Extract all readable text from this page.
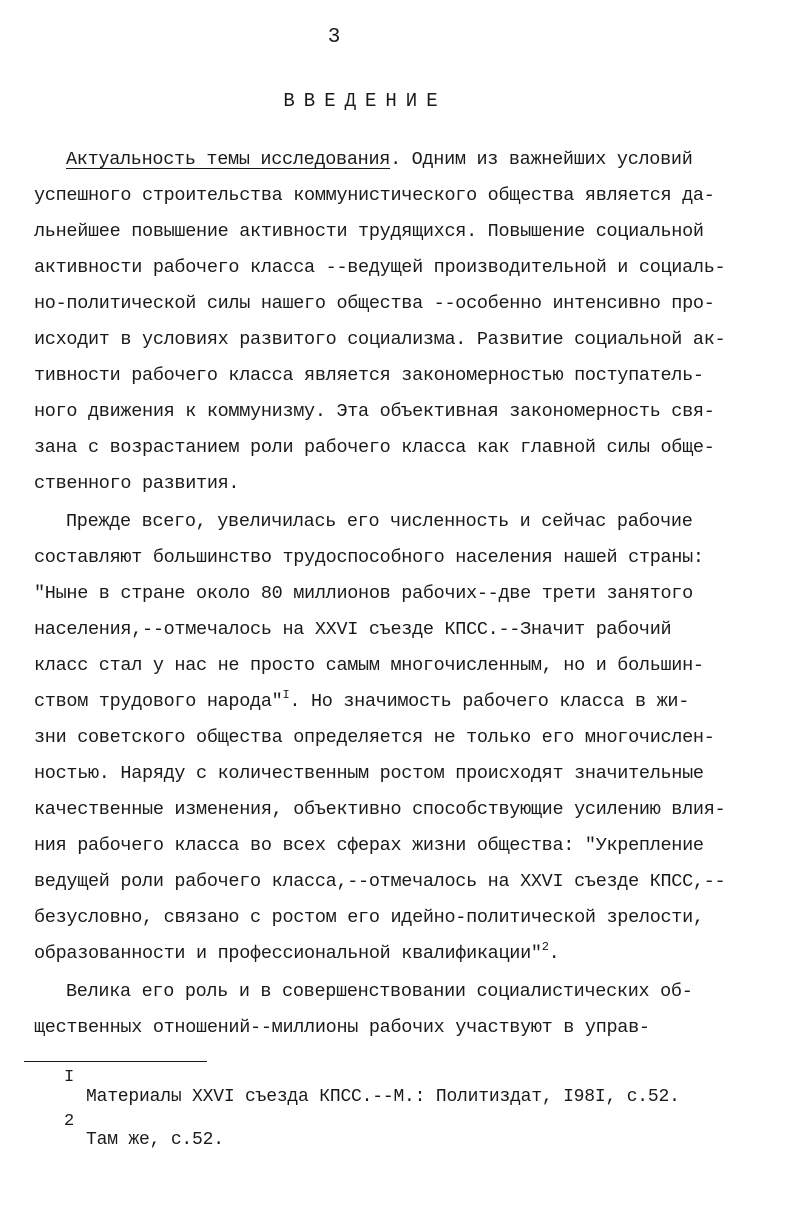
3
ВВЕДЕНИЕ
Актуальность темы исследования. Одним из важнейших условий
успешного строительства коммунистического общества является да-
льнейшее повышение активности трудящихся. Повышение социальной
активности рабочего класса --ведущей производительной и социаль-
но-политической силы нашего общества --особенно интенсивно про-
исходит в условиях развитого социализма. Развитие социальной ак-
тивности рабочего класса является закономерностью поступатель-
ного движения к коммунизму. Эта объективная закономерность свя-
зана с возрастанием роли рабочего класса как главной силы обще-
ственного развития.
Прежде всего, увеличилась его численность и сейчас рабочие
составляют большинство трудоспособного населения нашей страны:
"Ныне в стране около 80 миллионов рабочих--две трети занятого
населения,--отмечалось на XXVI съезде КПСС.--Значит рабочий
класс стал у нас не просто самым многочисленным, но и большин-
ством трудового народа"$^I$. Но значимость рабочего класса в жи-
зни советского общества определяется не только его многочислен-
ностью. Наряду с количественным ростом происходят значительные
качественные изменения, объективно способствующие усилению влия-
ния рабочего класса во всех сферах жизни общества: "Укрепление
ведущей роли рабочего класса,--отмечалось на XXVI съезде КПСС,--
безусловно, связано с ростом его идейно-политической зрелости,
образованности и профессиональной квалификации"$^2$.
Велика его роль и в совершенствовании социалистических об-
щественных отношений--миллионы рабочих участвуют в управ-
I
Материалы XXVI съезда КПСС.--М.: Политиздат, I98I, с.52.
2
Там же, с.52.
